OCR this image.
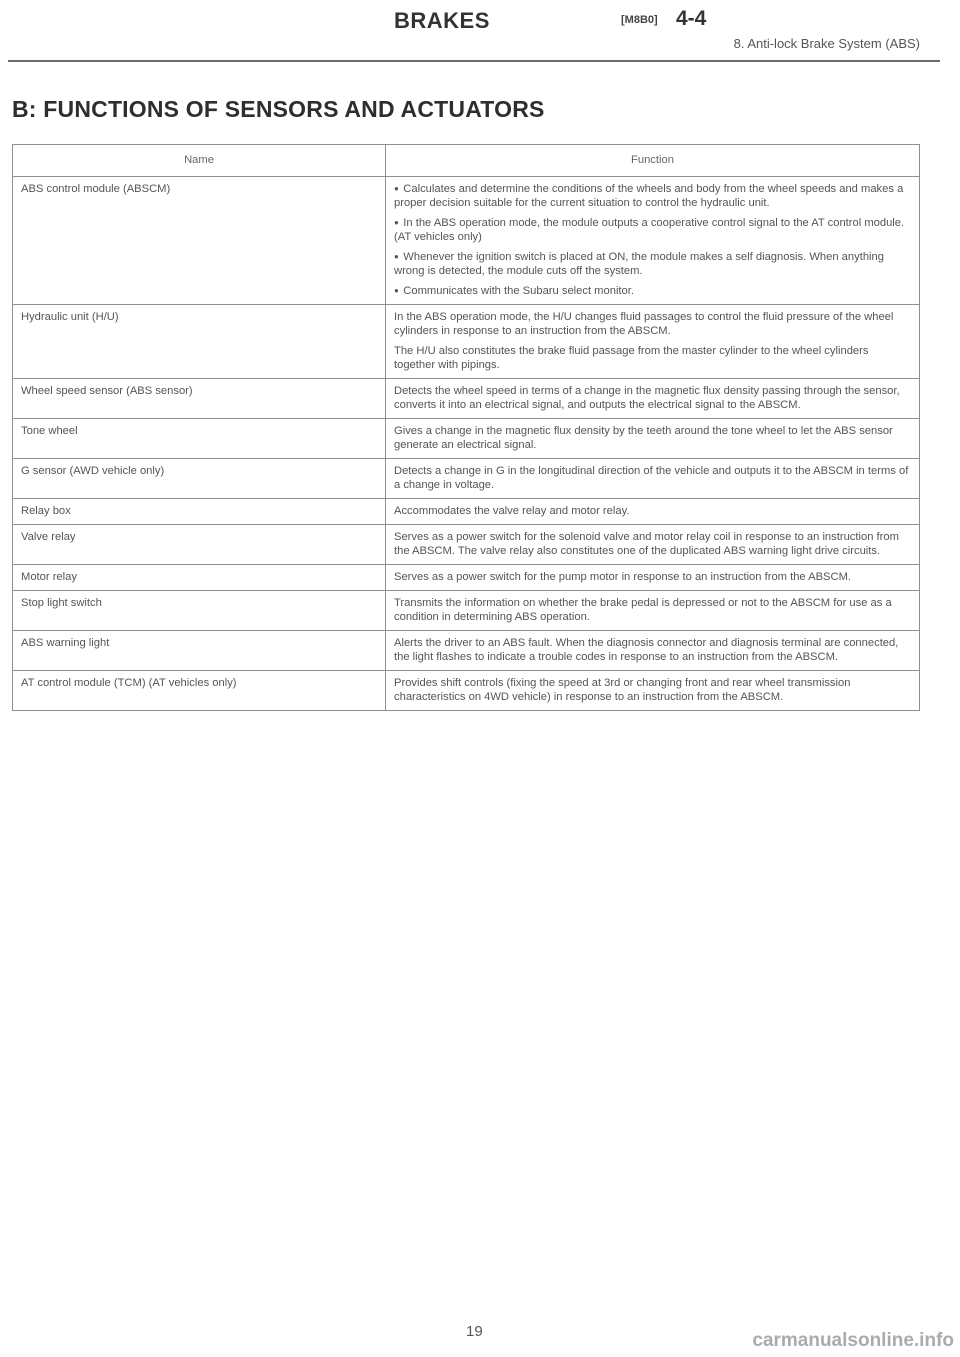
BRAKES	[M8B0] 4-4
8. Anti-lock Brake System (ABS)
B: FUNCTIONS OF SENSORS AND ACTUATORS
Name	Function
ABS control module (ABSCM)	●  Calculates and determine the conditions of the wheels and body from the wheel speeds and makes a proper decision suitable for the current situation to control the hydraulic unit.

●  In the ABS operation mode, the module outputs a cooperative control signal to the AT control module. (AT vehicles only)

●  Whenever the ignition switch is placed at ON, the module makes a self diagnosis. When anything wrong is detected, the module cuts off the system.

●  Communicates with the Subaru select monitor.

Hydraulic unit (H/U)	In the ABS operation mode, the H/U changes fluid passages to control the fluid pressure of the wheel cylinders in response to an instruction from the ABSCM.

The H/U also constitutes the brake fluid passage from the master cylinder to the wheel cylinders together with pipings.

Wheel speed sensor (ABS sensor)	Detects the wheel speed in terms of a change in the magnetic flux density passing through the sensor, converts it into an electrical signal, and outputs the electrical signal to the ABSCM.

Tone wheel	Gives a change in the magnetic flux density by the teeth around the tone wheel to let the ABS sensor generate an electrical signal.

G sensor (AWD vehicle only)	Detects a change in G in the longitudinal direction of the vehicle and outputs it to the ABSCM in terms of a change in voltage.

Relay box	Accommodates the valve relay and motor relay.

Valve relay	Serves as a power switch for the solenoid valve and motor relay coil in response to an instruction from the ABSCM. The valve relay also constitutes one of the duplicated ABS warning light drive circuits.

Motor relay	Serves as a power switch for the pump motor in response to an instruction from the ABSCM.

Stop light switch	Transmits the information on whether the brake pedal is depressed or not to the ABSCM for use as a condition in determining ABS operation.

ABS warning light	Alerts the driver to an ABS fault. When the diagnosis connector and diagnosis terminal are connected, the light flashes to indicate a trouble codes in response to an instruction from the ABSCM.

AT control module (TCM) (AT vehicles only)	Provides shift controls (fixing the speed at 3rd or changing front and rear wheel transmission characteristics on 4WD vehicle) in response to an instruction from the ABSCM.

19	carmanualsonline.info
